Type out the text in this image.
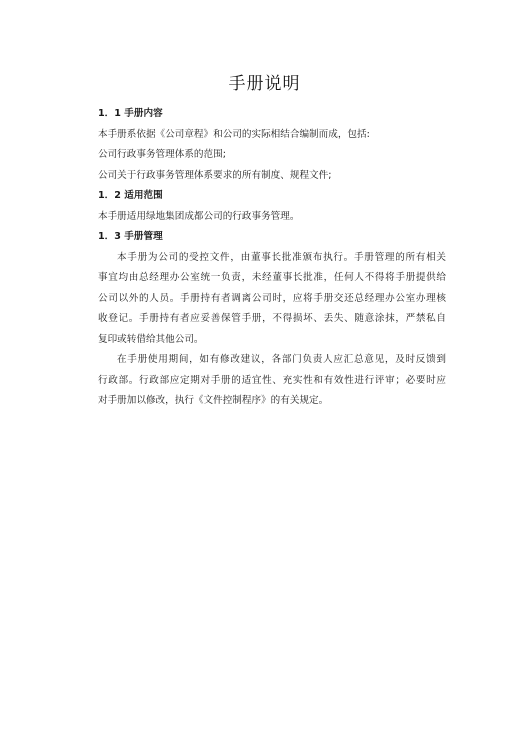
手册说明

1．1 手册内容

本手册系依据《公司章程》和公司的实际相结合编制而成，包括:

公司行政事务管理体系的范围;

公司关于行政事务管理体系要求的所有制度、规程文件;

1．2 适用范围

本手册适用绿地集团成都公司的行政事务管理。

1．3 手册管理

本手册为公司的受控文件，由董事长批准颁布执行。手册管理的所有相关

事宜均由总经理办公室统一负责，未经董事长批准，任何人不得将手册提供给

公司以外的人员。手册持有者调离公司时，应将手册交还总经理办公室办理核

收登记。手册持有者应妥善保管手册，不得损坏、丢失、随意涂抹，严禁私自

复印或转借给其他公司。

在手册使用期间，如有修改建议，各部门负责人应汇总意见，及时反馈到

行政部。行政部应定期对手册的适宜性、充实性和有效性进行评审；必要时应

对手册加以修改，执行《文件控制程序》的有关规定。
